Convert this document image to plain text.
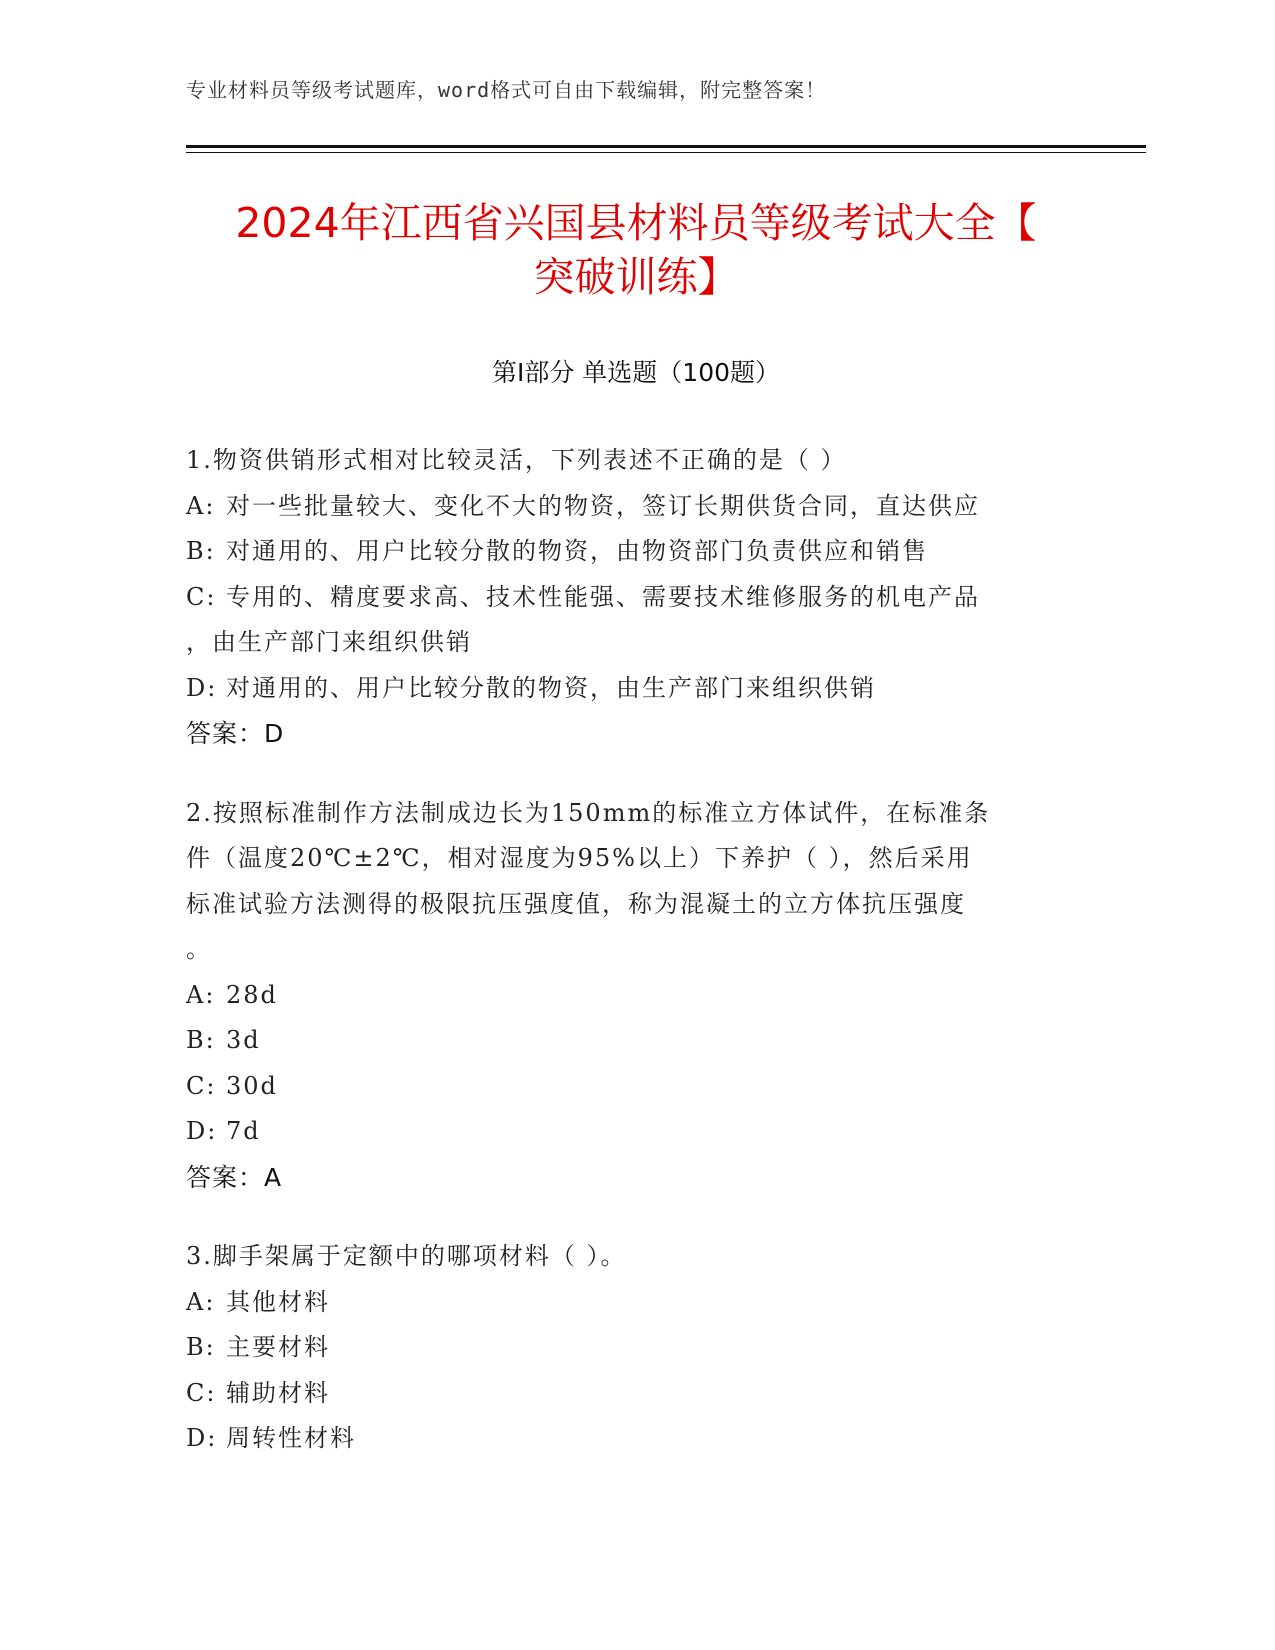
专业材料员等级考试题库，word格式可自由下载编辑，附完整答案！
2024年江西省兴国县材料员等级考试大全【
突破训练】
第Ⅰ部分 单选题（100题）
1.物资供销形式相对比较灵活，下列表述不正确的是（ ）
A: 对一些批量较大、变化不大的物资，签订长期供货合同，直达供应
B: 对通用的、用户比较分散的物资，由物资部门负责供应和销售
C: 专用的、精度要求高、技术性能强、需要技术维修服务的机电产品
，由生产部门来组织供销
D: 对通用的、用户比较分散的物资，由生产部门来组织供销
答案：D
2.按照标准制作方法制成边长为150mm的标准立方体试件，在标准条
件（温度20℃±2℃，相对湿度为95%以上）下养护（ ），然后采用
标准试验方法测得的极限抗压强度值，称为混凝土的立方体抗压强度
。
A: 28d
B: 3d
C: 30d
D: 7d
答案：A
3.脚手架属于定额中的哪项材料（ ）。
A: 其他材料
B: 主要材料
C: 辅助材料
D: 周转性材料
